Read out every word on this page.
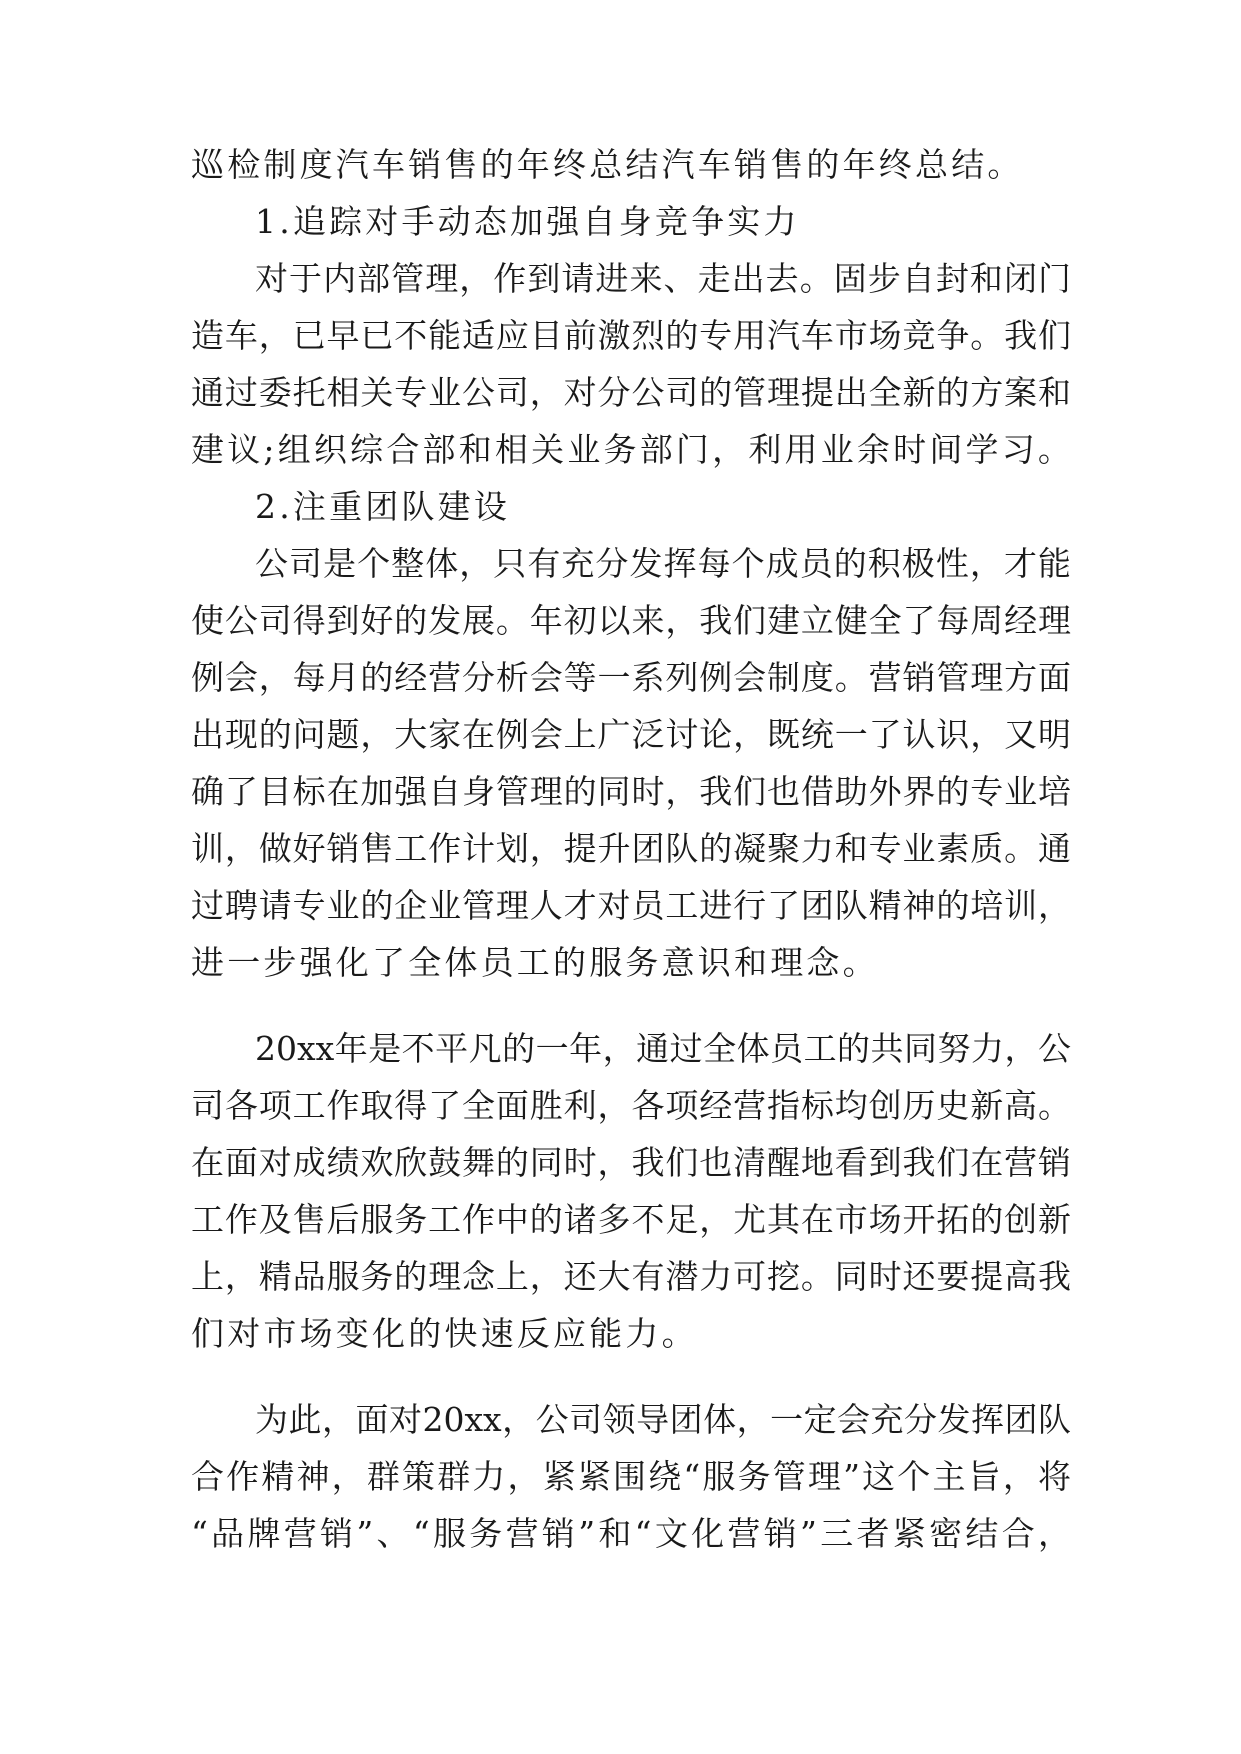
巡检制度汽车销售的年终总结汽车销售的年终总结。
1.追踪对手动态加强自身竞争实力
对于内部管理，作到请进来、走出去。固步自封和闭门
造车，已早已不能适应目前激烈的专用汽车市场竞争。我们
通过委托相关专业公司，对分公司的管理提出全新的方案和
建议;组织综合部和相关业务部门，利用业余时间学习。
2.注重团队建设
公司是个整体，只有充分发挥每个成员的积极性，才能
使公司得到好的发展。年初以来，我们建立健全了每周经理
例会，每月的经营分析会等一系列例会制度。营销管理方面
出现的问题，大家在例会上广泛讨论，既统一了认识，又明
确了目标在加强自身管理的同时，我们也借助外界的专业培
训，做好销售工作计划，提升团队的凝聚力和专业素质。通
过聘请专业的企业管理人才对员工进行了团队精神的培训，
进一步强化了全体员工的服务意识和理念。
20xx年是不平凡的一年，通过全体员工的共同努力，公
司各项工作取得了全面胜利，各项经营指标均创历史新高。
在面对成绩欢欣鼓舞的同时，我们也清醒地看到我们在营销
工作及售后服务工作中的诸多不足，尤其在市场开拓的创新
上，精品服务的理念上，还大有潜力可挖。同时还要提高我
们对市场变化的快速反应能力。
为此，面对20xx，公司领导团体，一定会充分发挥团队
合作精神，群策群力，紧紧围绕“服务管理”这个主旨，将
“品牌营销”、“服务营销”和“文化营销”三者紧密结合，
